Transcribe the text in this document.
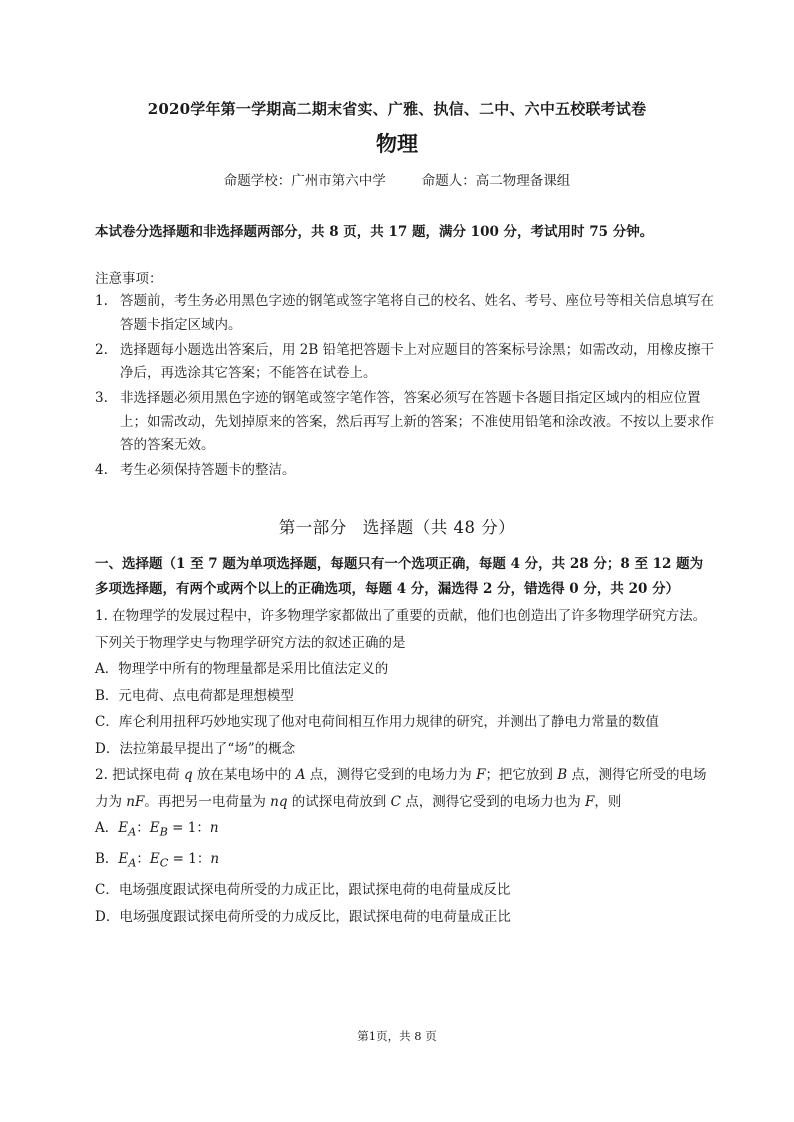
2020学年第一学期高二期末省实、广雅、执信、二中、六中五校联考试卷
物理
命题学校：广州市第六中学	命题人：高二物理备课组
本试卷分选择题和非选择题两部分，共 8 页，共 17 题，满分 100 分，考试用时 75 分钟。
注意事项：
1. 答题前，考生务必用黑色字迹的钢笔或签字笔将自己的校名、姓名、考号、座位号等相关信息填写在答题卡指定区域内。
2. 选择题每小题选出答案后，用 2B 铅笔把答题卡上对应题目的答案标号涂黑；如需改动，用橡皮擦干净后，再选涂其它答案；不能答在试卷上。
3. 非选择题必须用黑色字迹的钢笔或签字笔作答，答案必须写在答题卡各题目指定区域内的相应位置上；如需改动，先划掉原来的答案，然后再写上新的答案；不准使用铅笔和涂改液。不按以上要求作答的答案无效。
4. 考生必须保持答题卡的整洁。
第一部分 选择题（共 48 分）
一、选择题（1 至 7 题为单项选择题，每题只有一个选项正确，每题 4 分，共 28 分；8 至 12 题为多项选择题，有两个或两个以上的正确选项，每题 4 分，漏选得 2 分，错选得 0 分，共 20 分）
1. 在物理学的发展过程中，许多物理学家都做出了重要的贡献，他们也创造出了许多物理学研究方法。下列关于物理学史与物理学研究方法的叙述正确的是
A．物理学中所有的物理量都是采用比值法定义的
B．元电荷、点电荷都是理想模型
C．库仑利用扭秤巧妙地实现了他对电荷间相互作用力规律的研究，并测出了静电力常量的数值
D．法拉第最早提出了“场”的概念
2. 把试探电荷 q 放在某电场中的 A 点，测得它受到的电场力为 F；把它放到 B 点，测得它所受的电场力为 nF。再把另一电荷量为 nq 的试探电荷放到 C 点，测得它受到的电场力也为 F，则
A．$E_A$：$E_B = 1$：n
B．$E_A$：$E_C = 1$：n
C．电场强度跟试探电荷所受的力成正比，跟试探电荷的电荷量成反比
D．电场强度跟试探电荷所受的力成反比，跟试探电荷的电荷量成正比
第1页，共 8 页
